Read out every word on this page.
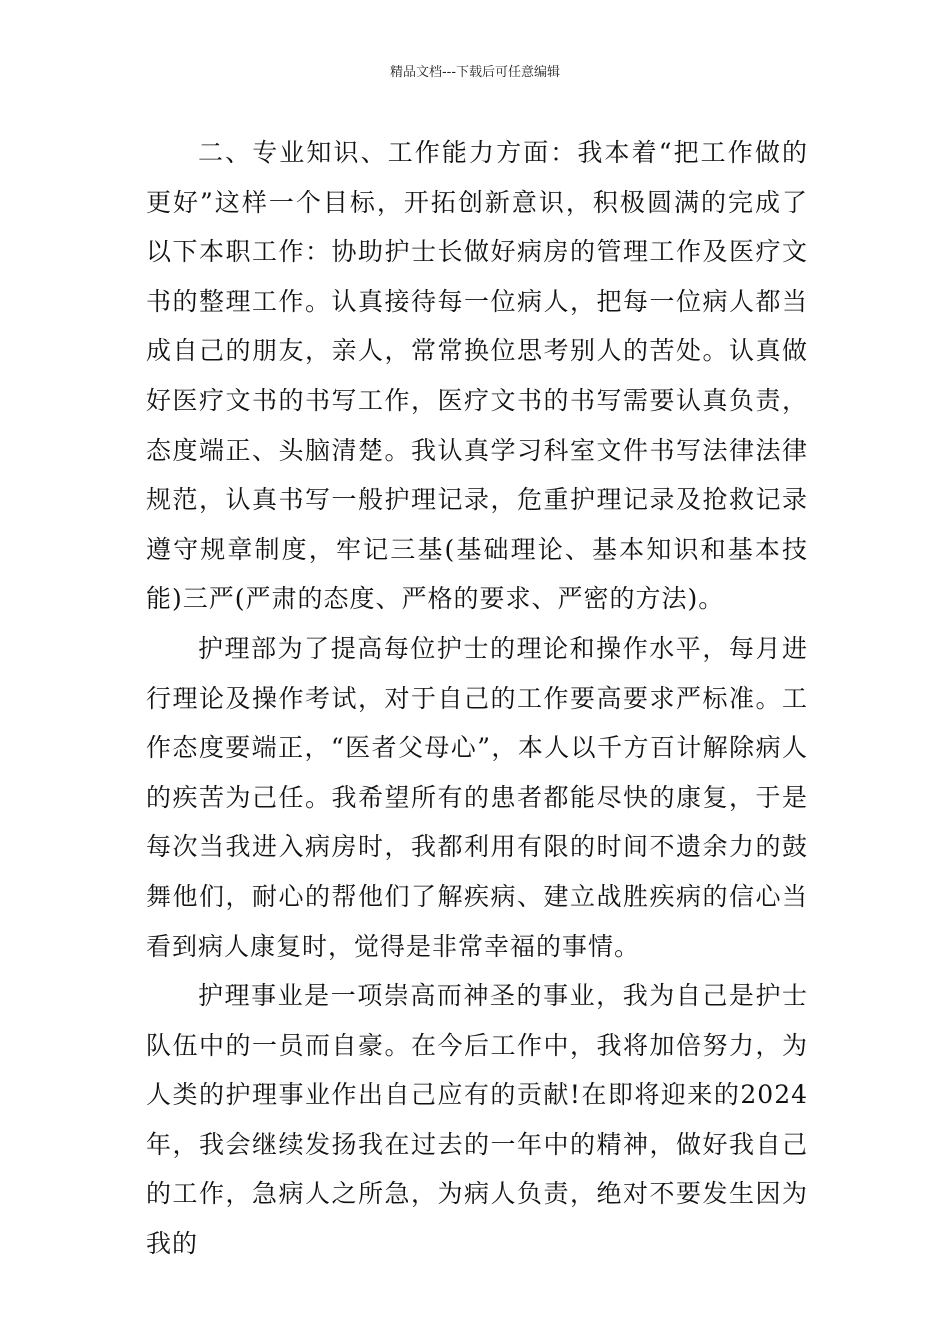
精品文档---下载后可任意编辑

二、专业知识、工作能力方面：我本着“把工作做的更好”这样一个目标，开拓创新意识，积极圆满的完成了以下本职工作：协助护士长做好病房的管理工作及医疗文书的整理工作。认真接待每一位病人，把每一位病人都当成自己的朋友，亲人，常常换位思考别人的苦处。认真做好医疗文书的书写工作，医疗文书的书写需要认真负责，态度端正、头脑清楚。我认真学习科室文件书写法律法律规范，认真书写一般护理记录，危重护理记录及抢救记录遵守规章制度，牢记三基(基础理论、基本知识和基本技能)三严(严肃的态度、严格的要求、严密的方法)。

护理部为了提高每位护士的理论和操作水平，每月进行理论及操作考试，对于自己的工作要高要求严标准。工作态度要端正，“医者父母心”，本人以千方百计解除病人的疾苦为己任。我希望所有的患者都能尽快的康复，于是每次当我进入病房时，我都利用有限的时间不遗余力的鼓舞他们，耐心的帮他们了解疾病、建立战胜疾病的信心当看到病人康复时，觉得是非常幸福的事情。

护理事业是一项崇高而神圣的事业，我为自己是护士队伍中的一员而自豪。在今后工作中，我将加倍努力，为人类的护理事业作出自己应有的贡献!在即将迎来的2024年，我会继续发扬我在过去的一年中的精神，做好我自己的工作，急病人之所急，为病人负责，绝对不要发生因为我的
